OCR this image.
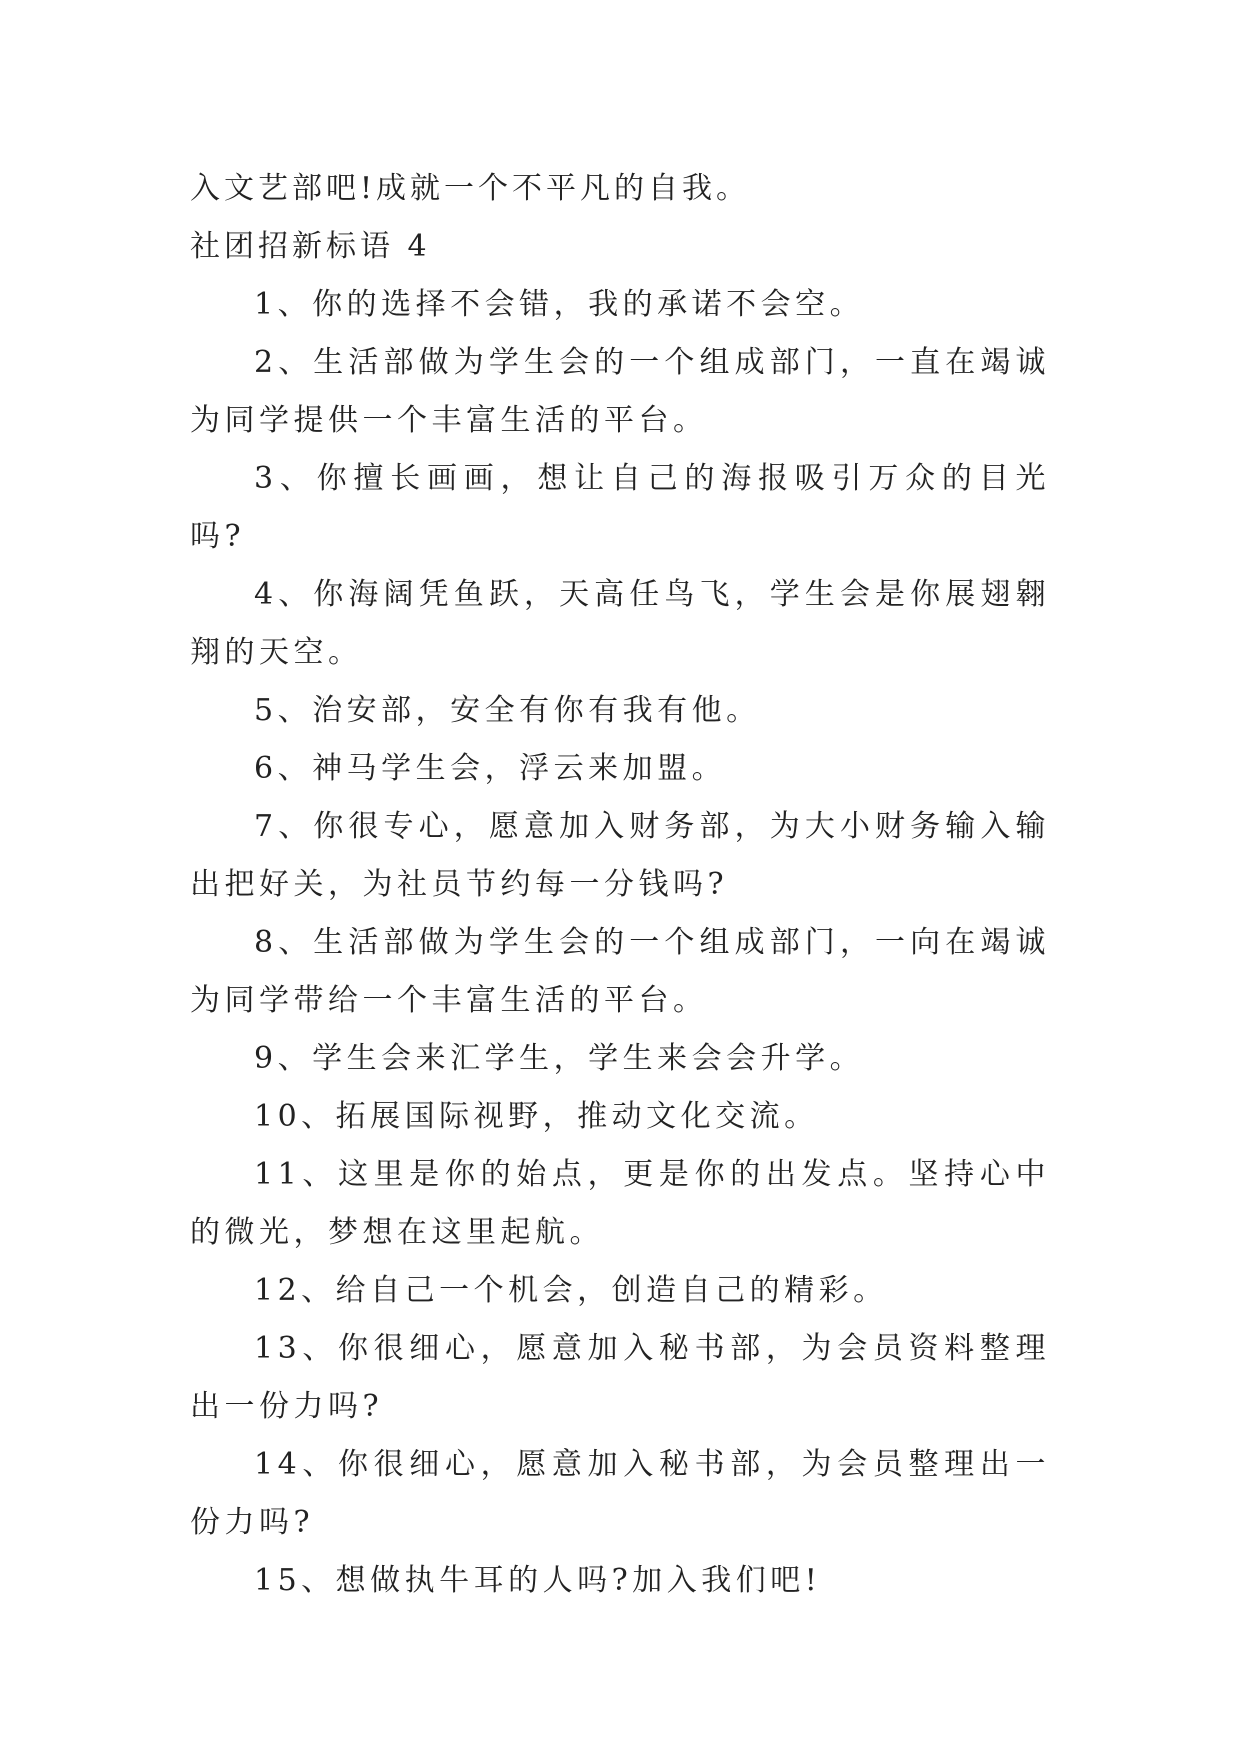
入文艺部吧!成就一个不平凡的自我。

社团招新标语 4

1、你的选择不会错，我的承诺不会空。

2、生活部做为学生会的一个组成部门，一直在竭诚为同学提供一个丰富生活的平台。

3、你擅长画画，想让自己的海报吸引万众的目光吗?

4、你海阔凭鱼跃，天高任鸟飞，学生会是你展翅翱翔的天空。

5、治安部，安全有你有我有他。

6、神马学生会，浮云来加盟。

7、你很专心，愿意加入财务部，为大小财务输入输出把好关，为社员节约每一分钱吗?

8、生活部做为学生会的一个组成部门，一向在竭诚为同学带给一个丰富生活的平台。

9、学生会来汇学生，学生来会会升学。

10、拓展国际视野，推动文化交流。

11、这里是你的始点，更是你的出发点。坚持心中的微光，梦想在这里起航。

12、给自己一个机会，创造自己的精彩。

13、你很细心，愿意加入秘书部，为会员资料整理出一份力吗?

14、你很细心，愿意加入秘书部，为会员整理出一份力吗?

15、想做执牛耳的人吗?加入我们吧!
